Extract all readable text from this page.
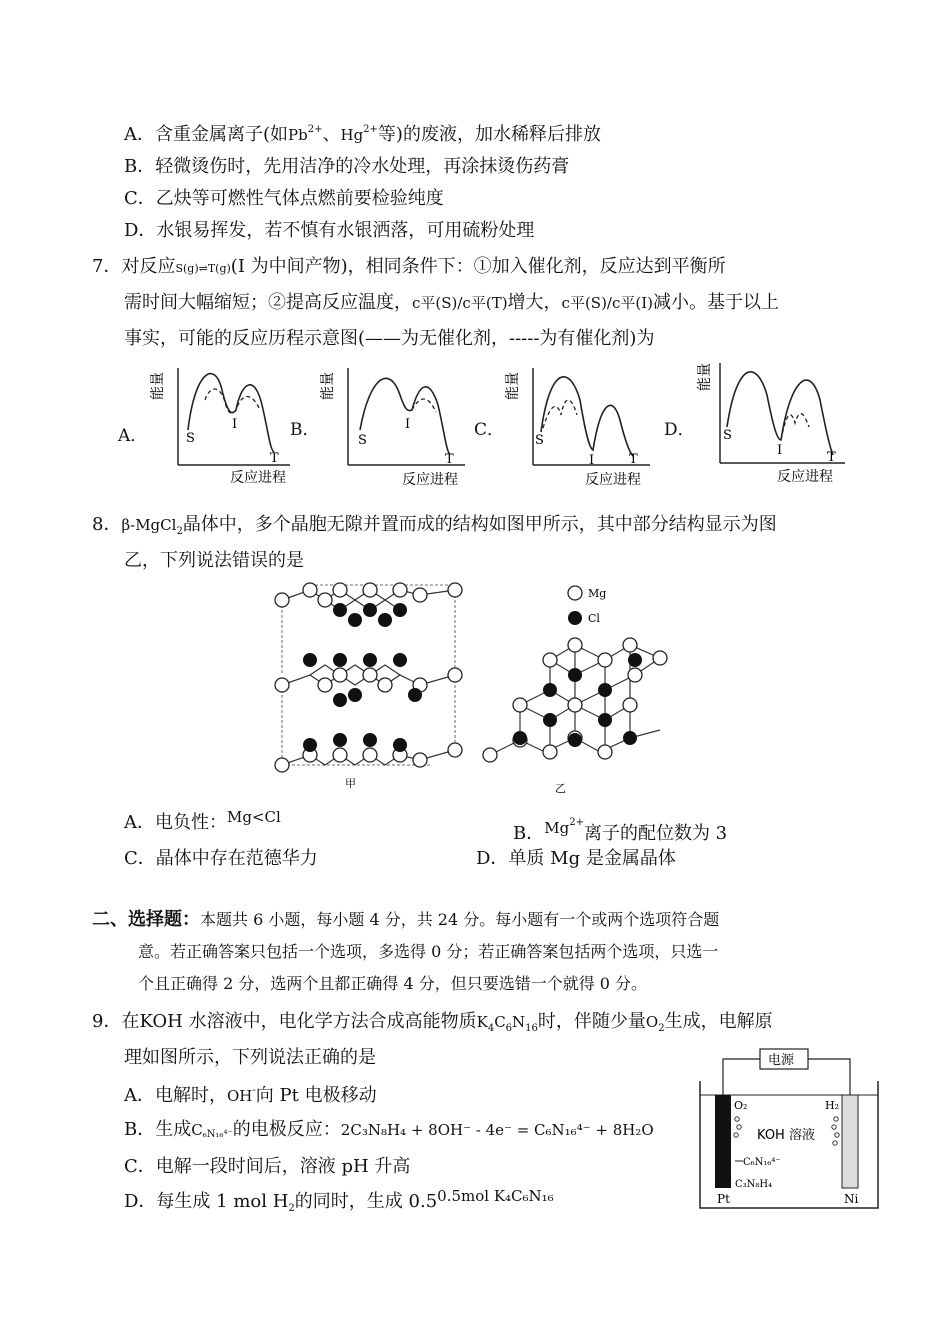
A．含重金属离子(如$Pb^{2+}$、$Hg^{2+}$等)的废液，加水稀释后排放
B．轻微烫伤时，先用洁净的冷水处理，再涂抹烫伤药膏
C．乙炔等可燃性气体点燃前要检验纯度
D．水银易挥发，若不慎有水银洒落，可用硫粉处理
7．对反应S(g)⇌T(g)(I 为中间产物)，相同条件下：①加入催化剂，反应达到平衡所
需时间大幅缩短；②提高反应温度，c平(S)/c平(T)增大，c平(S)/c平(I)减小。基于以上
事实，可能的反应历程示意图(——为无催化剂，-----为有催化剂)为
A．	B．	C．	D．
能量
S
I
T
反应进程
能量
S
I
T
反应进程
能量
S
I	T
反应进程
能量
S
I	T
反应进程
8．β-MgCl$_2$晶体中，多个晶胞无隙并置而成的结构如图甲所示，其中部分结构显示为图
乙，下列说法错误的是
甲
Mg
Cl
乙
A．电负性：$^{Mg<Cl}$
B．$^{Mg2+}$离子的配位数为 3
C．晶体中存在范德华力	D．单质 Mg 是金属晶体
二、选择题：本题共 6 小题，每小题 4 分，共 24 分。每小题有一个或两个选项符合题
意。若正确答案只包括一个选项，多选得 0 分；若正确答案包括两个选项，只选一
个且正确得 2 分，选两个且都正确得 4 分，但只要选错一个就得 0 分。
9．在KOH 水溶液中，电化学方法合成高能物质$K_4C_6N_{16}$时，伴随少量$O_2$生成，电解原
理如图所示，下列说法正确的是
A．电解时，OH-向 Pt 电极移动
B．生成C₆N₁₆⁴⁻的电极反应：2C₃N₈H₄ + 8OH⁻ - 4e⁻ = C₆N₁₆⁴⁻ + 8H₂O
C．电解一段时间后，溶液 pH 升高
D．每生成 1 mol $H_2$的同时，生成 $0.5^{0.5mol K_4C_6N_{16}}$
电源
O₂	H₂
KOH 溶液
C₆N₁₆⁴⁻
C₃N₈H₄
Pt	Ni
